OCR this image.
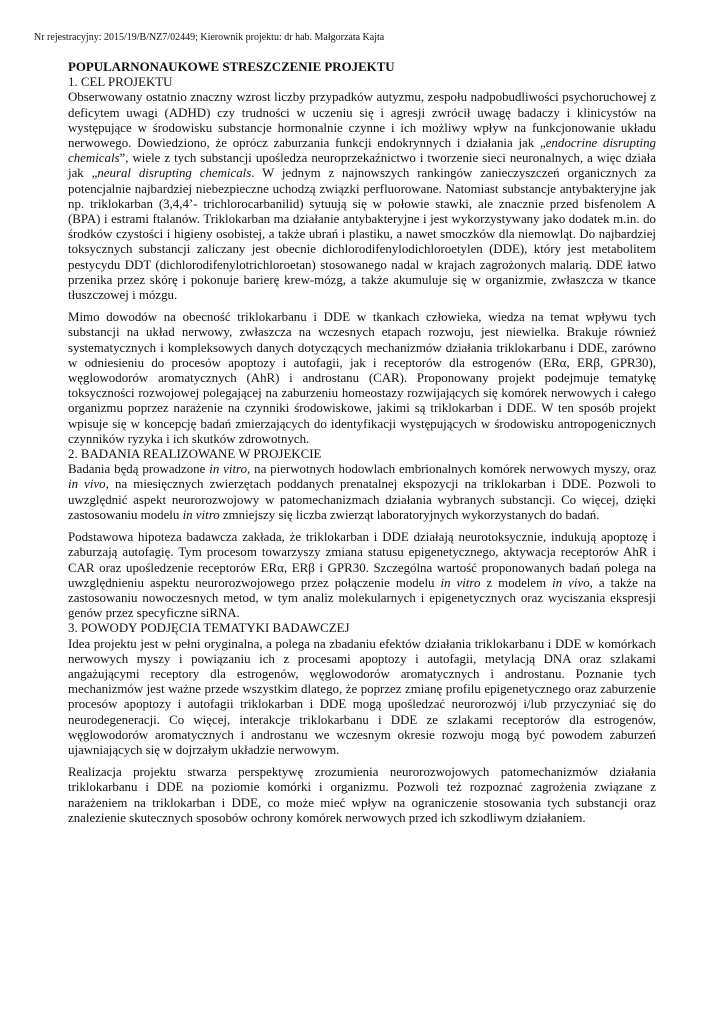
Nr rejestracyjny: 2015/19/B/NZ7/02449; Kierownik projektu: dr hab. Małgorzata Kajta

POPULARNONAUKOWE STRESZCZENIE PROJEKTU

1. CEL PROJEKTU

Obserwowany ostatnio znaczny wzrost liczby przypadków autyzmu, zespołu nadpobudliwości psychoruchowej z deficytem uwagi (ADHD) czy trudności w uczeniu się i agresji zwrócił uwagę badaczy i klinicystów na występujące w środowisku substancje hormonalnie czynne i ich możliwy wpływ na funkcjonowanie układu nerwowego. Dowiedziono, że oprócz zaburzania funkcji endokrynnych i działania jak „endocrine disrupting chemicals”, wiele z tych substancji upośledza neuroprzekaźnictwo i tworzenie sieci neuronalnych, a więc działa jak „neural disrupting chemicals. W jednym z najnowszych rankingów zanieczyszczeń organicznych za potencjalnie najbardziej niebezpieczne uchodzą związki perfluorowane. Natomiast substancje antybakteryjne jak np. triklokarban (3,4,4’- trichlorocarbanilid) sytuują się w połowie stawki, ale znacznie przed bisfenolem A (BPA) i estrami ftalanów. Triklokarban ma działanie antybakteryjne i jest wykorzystywany jako dodatek m.in. do środków czystości i higieny osobistej, a także ubrań i plastiku, a nawet smoczków dla niemowląt. Do najbardziej toksycznych substancji zaliczany jest obecnie dichlorodifenylodichloroetylen (DDE), który jest metabolitem pestycydu DDT (dichlorodifenylotrichloroetan) stosowanego nadal w krajach zagrożonych malarią. DDE łatwo przenika przez skórę i pokonuje barierę krew-mózg, a także akumuluje się w organizmie, zwłaszcza w tkance tłuszczowej i mózgu.

Mimo dowodów na obecność triklokarbanu i DDE w tkankach człowieka, wiedza na temat wpływu tych substancji na układ nerwowy, zwłaszcza na wczesnych etapach rozwoju, jest niewielka. Brakuje również systematycznych i kompleksowych danych dotyczących mechanizmów działania triklokarbanu i DDE, zarówno w odniesieniu do procesów apoptozy i autofagii, jak i receptorów dla estrogenów (ERα, ERβ, GPR30), węglowodorów aromatycznych (AhR) i androstanu (CAR). Proponowany projekt podejmuje tematykę toksyczności rozwojowej polegającej na zaburzeniu homeostazy rozwijających się komórek nerwowych i całego organizmu poprzez narażenie na czynniki środowiskowe, jakimi są triklokarban i DDE. W ten sposób projekt wpisuje się w koncepcję badań zmierzających do identyfikacji występujących w środowisku antropogenicznych czynników ryzyka i ich skutków zdrowotnych.

2. BADANIA REALIZOWANE W PROJEKCIE

Badania będą prowadzone in vitro, na pierwotnych hodowlach embrionalnych komórek nerwowych myszy, oraz in vivo, na miesięcznych zwierzętach poddanych prenatalnej ekspozycji na triklokarban i DDE. Pozwoli to uwzględnić aspekt neurorozwojowy w patomechanizmach działania wybranych substancji. Co więcej, dzięki zastosowaniu modelu in vitro zmniejszy się liczba zwierząt laboratoryjnych wykorzystanych do badań.

Podstawowa hipoteza badawcza zakłada, że triklokarban i DDE działają neurotoksycznie, indukują apoptozę i zaburzają autofagię. Tym procesom towarzyszy zmiana statusu epigenetycznego, aktywacja receptorów AhR i CAR oraz upośledzenie receptorów ERα, ERβ i GPR30. Szczególna wartość proponowanych badań polega na uwzględnieniu aspektu neurorozwojowego przez połączenie modelu in vitro z modelem in vivo, a także na zastosowaniu nowoczesnych metod, w tym analiz molekularnych i epigenetycznych oraz wyciszania ekspresji genów przez specyficzne siRNA.

3. POWODY PODJĘCIA TEMATYKI BADAWCZEJ

Idea projektu jest w pełni oryginalna, a polega na zbadaniu efektów działania triklokarbanu i DDE w komórkach nerwowych myszy i powiązaniu ich z procesami apoptozy i autofagii, metylacją DNA oraz szlakami angażującymi receptory dla estrogenów, węglowodorów aromatycznych i androstanu. Poznanie tych mechanizmów jest ważne przede wszystkim dlatego, że poprzez zmianę profilu epigenetycznego oraz zaburzenie procesów apoptozy i autofagii triklokarban i DDE mogą upośledzać neurorozwój i/lub przyczyniać się do neurodegeneracji. Co więcej, interakcje triklokarbanu i DDE ze szlakami receptorów dla estrogenów, węglowodorów aromatycznych i androstanu we wczesnym okresie rozwoju mogą być powodem zaburzeń ujawniających się w dojrzałym układzie nerwowym.

Realizacja projektu stwarza perspektywę zrozumienia neurorozwojowych patomechanizmów działania triklokarbanu i DDE na poziomie komórki i organizmu. Pozwoli też rozpoznać zagrożenia związane z narażeniem na triklokarban i DDE, co może mieć wpływ na ograniczenie stosowania tych substancji oraz znalezienie skutecznych sposobów ochrony komórek nerwowych przed ich szkodliwym działaniem.
